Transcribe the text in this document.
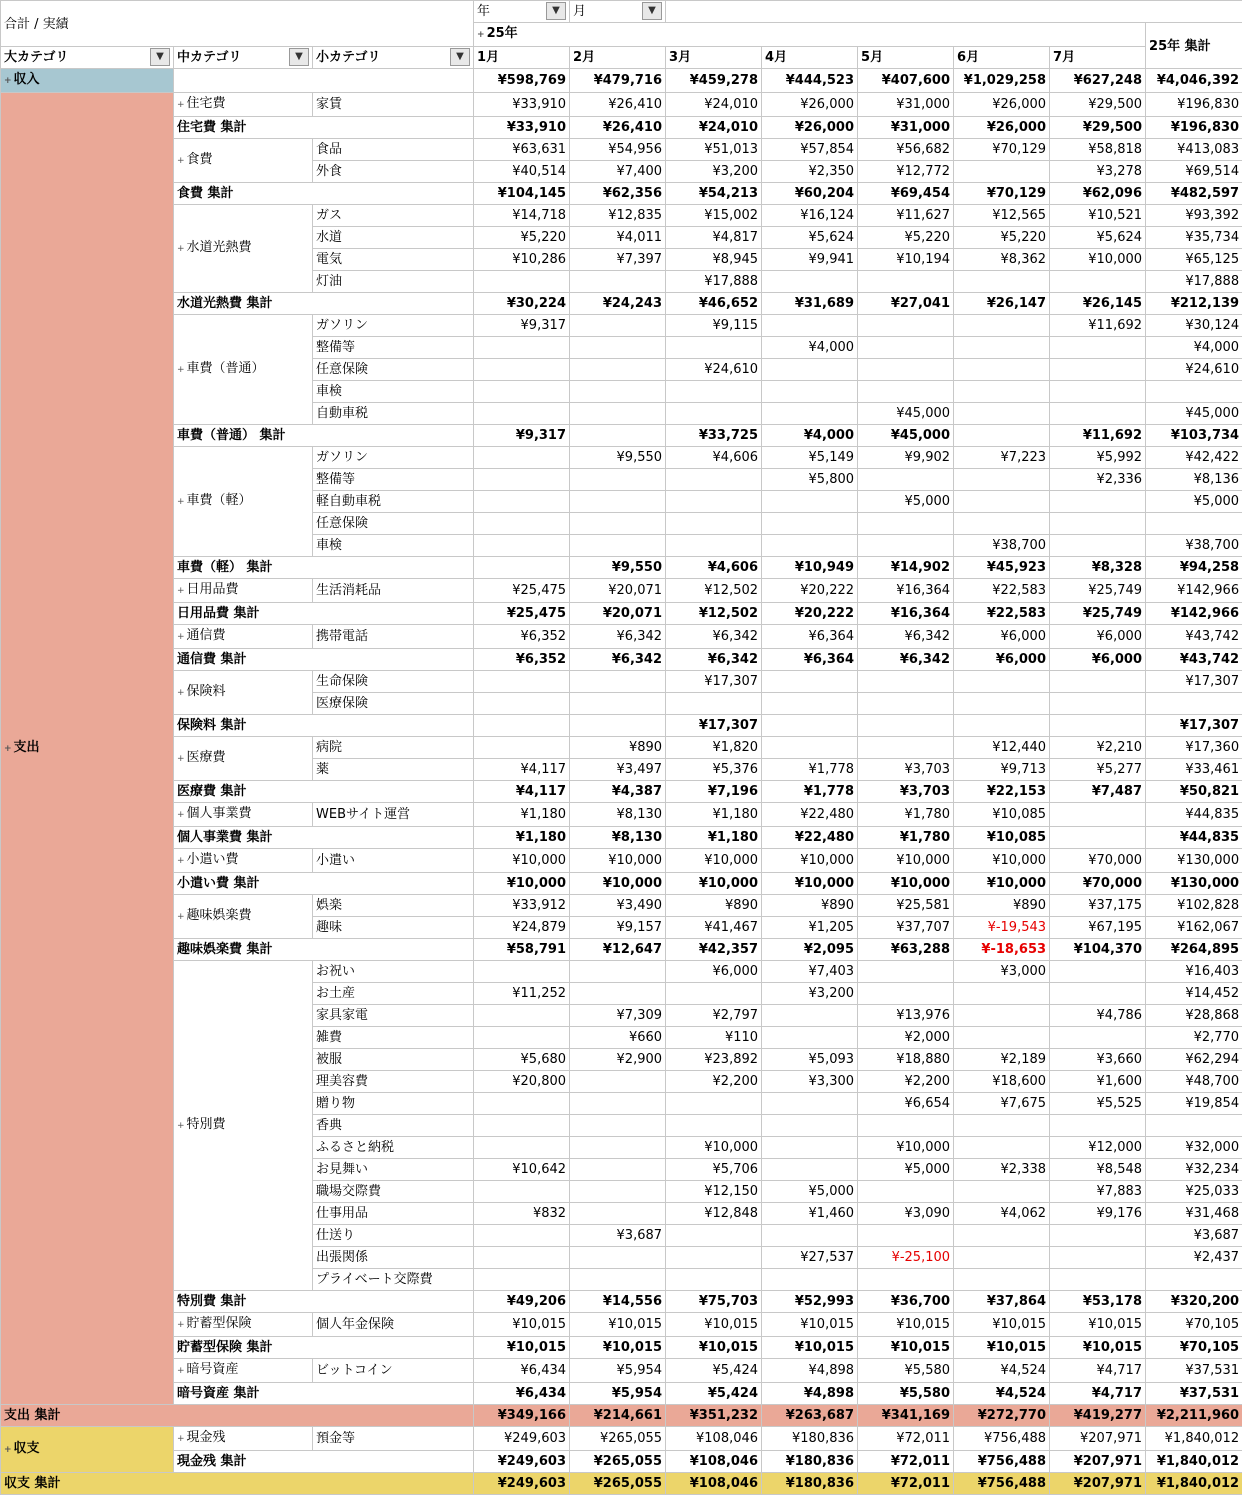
合計 / 実績			年 ▼	月 ▼						

			+ 25年							25年 集計
大カテゴリ ▼	中カテゴリ ▼	小カテゴリ ▼	1月	2月	3月	4月	5月	6月	7月	
+ 収入			¥598,769	¥479,716	¥459,278	¥444,523	¥407,600	¥1,029,258	¥627,248	¥4,046,392
+ 支出	+ 住宅費	家賃	¥33,910	¥26,410	¥24,010	¥26,000	¥31,000	¥26,000	¥29,500	¥196,830
	住宅費 集計		¥33,910	¥26,410	¥24,010	¥26,000	¥31,000	¥26,000	¥29,500	¥196,830
	+ 食費	食品	¥63,631	¥54,956	¥51,013	¥57,854	¥56,682	¥70,129	¥58,818	¥413,083
		外食	¥40,514	¥7,400	¥3,200	¥2,350	¥12,772		¥3,278	¥69,514
	食費 集計		¥104,145	¥62,356	¥54,213	¥60,204	¥69,454	¥70,129	¥62,096	¥482,597
	+ 水道光熱費	ガス	¥14,718	¥12,835	¥15,002	¥16,124	¥11,627	¥12,565	¥10,521	¥93,392
		水道	¥5,220	¥4,011	¥4,817	¥5,624	¥5,220	¥5,220	¥5,624	¥35,734
		電気	¥10,286	¥7,397	¥8,945	¥9,941	¥10,194	¥8,362	¥10,000	¥65,125
		灯油			¥17,888					¥17,888
	水道光熱費 集計		¥30,224	¥24,243	¥46,652	¥31,689	¥27,041	¥26,147	¥26,145	¥212,139
	+ 車費（普通）	ガソリン	¥9,317		¥9,115				¥11,692	¥30,124
		整備等				¥4,000				¥4,000
		任意保険			¥24,610					¥24,610
		車検								
		自動車税					¥45,000			¥45,000
	車費（普通） 集計		¥9,317		¥33,725	¥4,000	¥45,000		¥11,692	¥103,734
	+ 車費（軽）	ガソリン		¥9,550	¥4,606	¥5,149	¥9,902	¥7,223	¥5,992	¥42,422
		整備等				¥5,800			¥2,336	¥8,136
		軽自動車税					¥5,000			¥5,000
		任意保険								
		車検						¥38,700		¥38,700
	車費（軽） 集計			¥9,550	¥4,606	¥10,949	¥14,902	¥45,923	¥8,328	¥94,258
	+ 日用品費	生活消耗品	¥25,475	¥20,071	¥12,502	¥20,222	¥16,364	¥22,583	¥25,749	¥142,966
	日用品費 集計		¥25,475	¥20,071	¥12,502	¥20,222	¥16,364	¥22,583	¥25,749	¥142,966
	+ 通信費	携帯電話	¥6,352	¥6,342	¥6,342	¥6,364	¥6,342	¥6,000	¥6,000	¥43,742
	通信費 集計		¥6,352	¥6,342	¥6,342	¥6,364	¥6,342	¥6,000	¥6,000	¥43,742
	+ 保険料	生命保険			¥17,307					¥17,307
		医療保険								
	保険料 集計				¥17,307					¥17,307
	+ 医療費	病院		¥890	¥1,820			¥12,440	¥2,210	¥17,360
		薬	¥4,117	¥3,497	¥5,376	¥1,778	¥3,703	¥9,713	¥5,277	¥33,461
	医療費 集計		¥4,117	¥4,387	¥7,196	¥1,778	¥3,703	¥22,153	¥7,487	¥50,821
	+ 個人事業費	WEBサイト運営	¥1,180	¥8,130	¥1,180	¥22,480	¥1,780	¥10,085		¥44,835
	個人事業費 集計		¥1,180	¥8,130	¥1,180	¥22,480	¥1,780	¥10,085		¥44,835
	+ 小遣い費	小遣い	¥10,000	¥10,000	¥10,000	¥10,000	¥10,000	¥10,000	¥70,000	¥130,000
	小遣い費 集計		¥10,000	¥10,000	¥10,000	¥10,000	¥10,000	¥10,000	¥70,000	¥130,000
	+ 趣味娯楽費	娯楽	¥33,912	¥3,490	¥890	¥890	¥25,581	¥890	¥37,175	¥102,828
		趣味	¥24,879	¥9,157	¥41,467	¥1,205	¥37,707	¥-19,543	¥67,195	¥162,067
	趣味娯楽費 集計		¥58,791	¥12,647	¥42,357	¥2,095	¥63,288	¥-18,653	¥104,370	¥264,895
	+ 特別費	お祝い			¥6,000	¥7,403		¥3,000		¥16,403
		お土産	¥11,252			¥3,200				¥14,452
		家具家電		¥7,309	¥2,797		¥13,976		¥4,786	¥28,868
		雑費		¥660	¥110		¥2,000			¥2,770
		被服	¥5,680	¥2,900	¥23,892	¥5,093	¥18,880	¥2,189	¥3,660	¥62,294
		理美容費	¥20,800		¥2,200	¥3,300	¥2,200	¥18,600	¥1,600	¥48,700
		贈り物					¥6,654	¥7,675	¥5,525	¥19,854
		香典								
		ふるさと納税			¥10,000		¥10,000		¥12,000	¥32,000
		お見舞い	¥10,642		¥5,706		¥5,000	¥2,338	¥8,548	¥32,234
		職場交際費			¥12,150	¥5,000			¥7,883	¥25,033
		仕事用品	¥832		¥12,848	¥1,460	¥3,090	¥4,062	¥9,176	¥31,468
		仕送り		¥3,687						¥3,687
		出張関係				¥27,537	¥-25,100			¥2,437
		プライベート交際費								
	特別費 集計		¥49,206	¥14,556	¥75,703	¥52,993	¥36,700	¥37,864	¥53,178	¥320,200
	+ 貯蓄型保険	個人年金保険	¥10,015	¥10,015	¥10,015	¥10,015	¥10,015	¥10,015	¥10,015	¥70,105
	貯蓄型保険 集計		¥10,015	¥10,015	¥10,015	¥10,015	¥10,015	¥10,015	¥10,015	¥70,105
	+ 暗号資産	ビットコイン	¥6,434	¥5,954	¥5,424	¥4,898	¥5,580	¥4,524	¥4,717	¥37,531
	暗号資産 集計		¥6,434	¥5,954	¥5,424	¥4,898	¥5,580	¥4,524	¥4,717	¥37,531
支出 集計			¥349,166	¥214,661	¥351,232	¥263,687	¥341,169	¥272,770	¥419,277	¥2,211,960
+ 収支	+ 現金残	預金等	¥249,603	¥265,055	¥108,046	¥180,836	¥72,011	¥756,488	¥207,971	¥1,840,012
	現金残 集計		¥249,603	¥265,055	¥108,046	¥180,836	¥72,011	¥756,488	¥207,971	¥1,840,012
収支 集計			¥249,603	¥265,055	¥108,046	¥180,836	¥72,011	¥756,488	¥207,971	¥1,840,012
